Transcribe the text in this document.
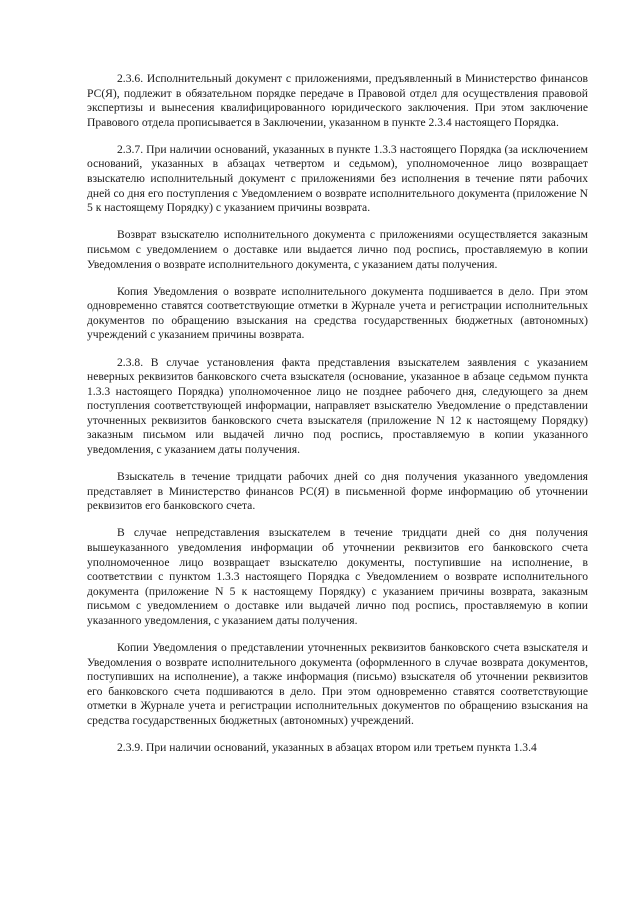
2.3.6. Исполнительный документ с приложениями, предъявленный в Министерство финансов РС(Я), подлежит в обязательном порядке передаче в Правовой отдел для осуществления правовой экспертизы и вынесения квалифицированного юридического заключения. При этом заключение Правового отдела прописывается в Заключении, указанном в пункте 2.3.4 настоящего Порядка.

2.3.7. При наличии оснований, указанных в пункте 1.3.3 настоящего Порядка (за исключением оснований, указанных в абзацах четвертом и седьмом), уполномоченное лицо возвращает взыскателю исполнительный документ с приложениями без исполнения в течение пяти рабочих дней со дня его поступления с Уведомлением о возврате исполнительного документа (приложение N 5 к настоящему Порядку) с указанием причины возврата.

Возврат взыскателю исполнительного документа с приложениями осуществляется заказным письмом с уведомлением о доставке или выдается лично под роспись, проставляемую в копии Уведомления о возврате исполнительного документа, с указанием даты получения.

Копия Уведомления о возврате исполнительного документа подшивается в дело. При этом одновременно ставятся соответствующие отметки в Журнале учета и регистрации исполнительных документов по обращению взыскания на средства государственных бюджетных (автономных) учреждений с указанием причины возврата.

2.3.8. В случае установления факта представления взыскателем заявления с указанием неверных реквизитов банковского счета взыскателя (основание, указанное в абзаце седьмом пункта 1.3.3 настоящего Порядка) уполномоченное лицо не позднее рабочего дня, следующего за днем поступления соответствующей информации, направляет взыскателю Уведомление о представлении уточненных реквизитов банковского счета взыскателя (приложение N 12 к настоящему Порядку) заказным письмом или выдачей лично под роспись, проставляемую в копии указанного уведомления, с указанием даты получения.

Взыскатель в течение тридцати рабочих дней со дня получения указанного уведомления представляет в Министерство финансов РС(Я) в письменной форме информацию об уточнении реквизитов его банковского счета.

В случае непредставления взыскателем в течение тридцати дней со дня получения вышеуказанного уведомления информации об уточнении реквизитов его банковского счета уполномоченное лицо возвращает взыскателю документы, поступившие на исполнение, в соответствии с пунктом 1.3.3 настоящего Порядка с Уведомлением о возврате исполнительного документа (приложение N 5 к настоящему Порядку) с указанием причины возврата, заказным письмом с уведомлением о доставке или выдачей лично под роспись, проставляемую в копии указанного уведомления, с указанием даты получения.

Копии Уведомления о представлении уточненных реквизитов банковского счета взыскателя и Уведомления о возврате исполнительного документа (оформленного в случае возврата документов, поступивших на исполнение), а также информация (письмо) взыскателя об уточнении реквизитов его банковского счета подшиваются в дело. При этом одновременно ставятся соответствующие отметки в Журнале учета и регистрации исполнительных документов по обращению взыскания на средства государственных бюджетных (автономных) учреждений.

2.3.9. При наличии оснований, указанных в абзацах втором или третьем пункта 1.3.4
